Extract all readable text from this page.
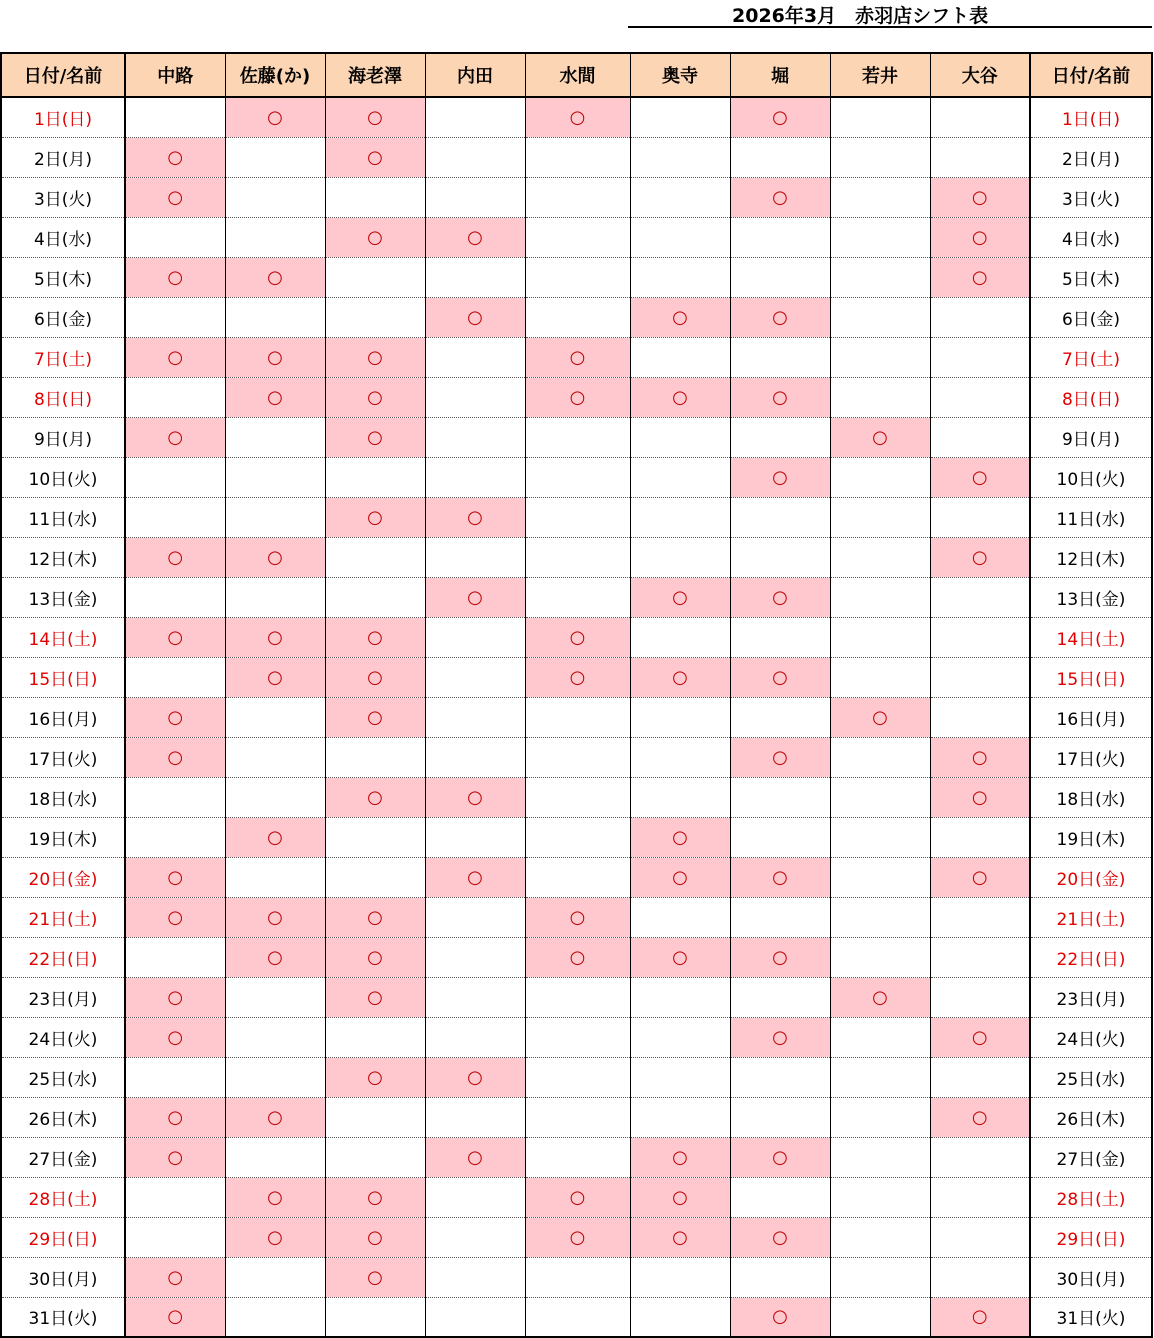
2026年3月　赤羽店シフト表
日付/名前	中路	佐藤(か)	海老澤	内田	水間	奥寺	堀	若井	大谷	日付/名前
1日(日)		○	○		○		○			1日(日)
2日(月)	○		○							2日(月)
3日(火)	○						○		○	3日(火)
4日(水)			○	○					○	4日(水)
5日(木)	○	○							○	5日(木)
6日(金)				○		○	○			6日(金)
7日(土)	○	○	○		○					7日(土)
8日(日)		○	○		○	○	○			8日(日)
9日(月)	○		○					○		9日(月)
10日(火)							○		○	10日(火)
11日(水)			○	○						11日(水)
12日(木)	○	○							○	12日(木)
13日(金)				○		○	○			13日(金)
14日(土)	○	○	○		○					14日(土)
15日(日)		○	○		○	○	○			15日(日)
16日(月)	○		○					○		16日(月)
17日(火)	○						○		○	17日(火)
18日(水)			○	○					○	18日(水)
19日(木)		○				○				19日(木)
20日(金)	○			○		○	○		○	20日(金)
21日(土)	○	○	○		○					21日(土)
22日(日)		○	○		○	○	○			22日(日)
23日(月)	○		○					○		23日(月)
24日(火)	○						○		○	24日(火)
25日(水)			○	○						25日(水)
26日(木)	○	○							○	26日(木)
27日(金)	○			○		○	○			27日(金)
28日(土)		○	○		○	○				28日(土)
29日(日)		○	○		○	○	○			29日(日)
30日(月)	○		○							30日(月)
31日(火)	○						○		○	31日(火)
